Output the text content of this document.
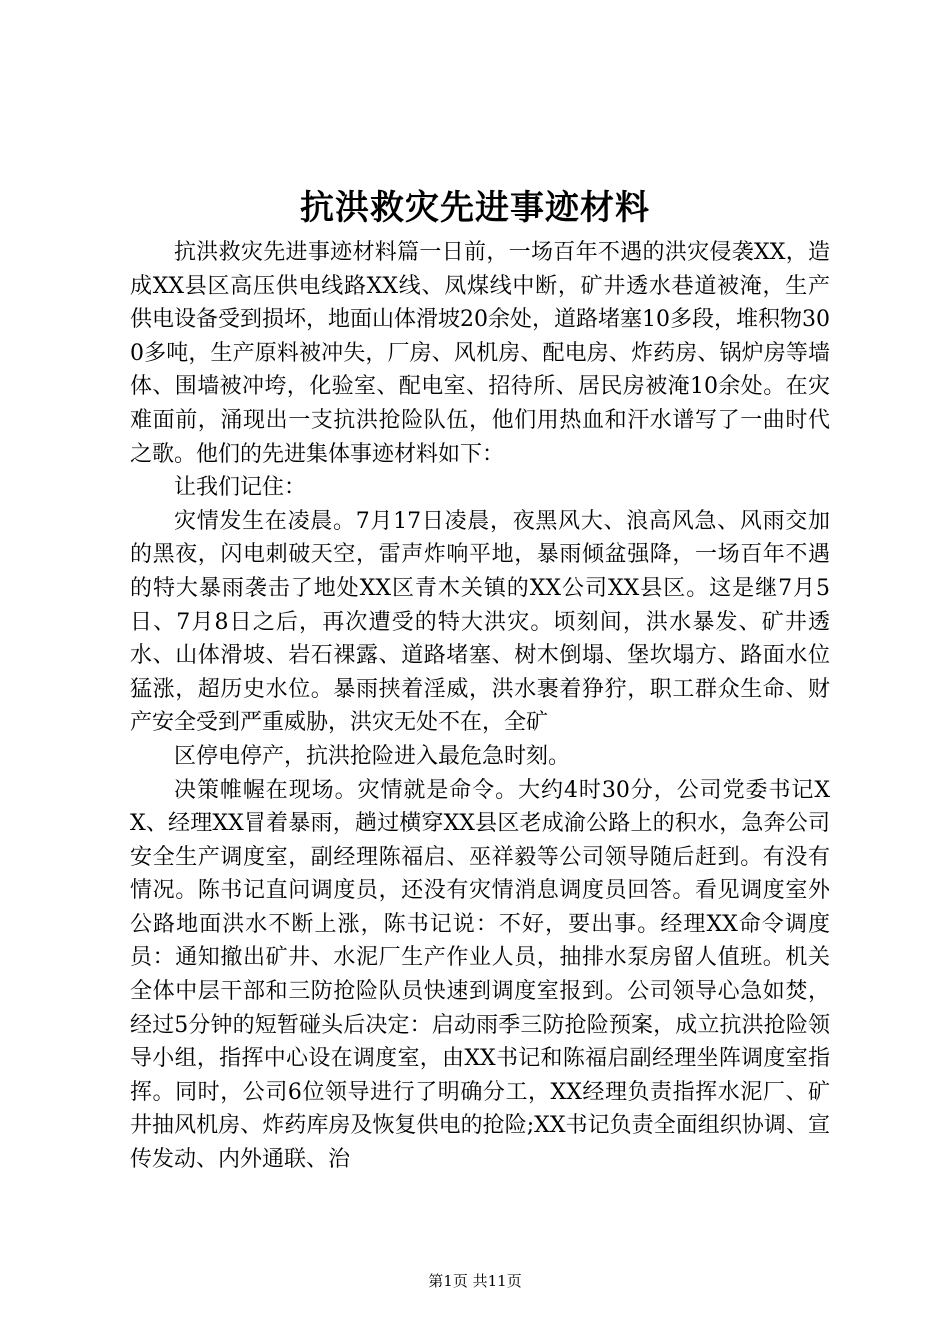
抗洪救灾先进事迹材料

抗洪救灾先进事迹材料篇一日前，一场百年不遇的洪灾侵袭XX，造成XX县区高压供电线路XX线、凤煤线中断，矿井透水巷道被淹，生产供电设备受到损坏，地面山体滑坡20余处，道路堵塞10多段，堆积物300多吨，生产原料被冲失，厂房、风机房、配电房、炸药房、锅炉房等墙体、围墙被冲垮，化验室、配电室、招待所、居民房被淹10余处。在灾难面前，涌现出一支抗洪抢险队伍，他们用热血和汗水谱写了一曲时代之歌。他们的先进集体事迹材料如下：

让我们记住：

灾情发生在凌晨。7月17日凌晨，夜黑风大、浪高风急、风雨交加的黑夜，闪电刺破天空，雷声炸响平地，暴雨倾盆强降，一场百年不遇的特大暴雨袭击了地处XX区青木关镇的XX公司XX县区。这是继7月5日、7月8日之后，再次遭受的特大洪灾。顷刻间，洪水暴发、矿井透水、山体滑坡、岩石裸露、道路堵塞、树木倒塌、堡坎塌方、路面水位猛涨，超历史水位。暴雨挟着淫威，洪水裹着狰狞，职工群众生命、财产安全受到严重威胁，洪灾无处不在，全矿

区停电停产，抗洪抢险进入最危急时刻。

决策帷幄在现场。灾情就是命令。大约4时30分，公司党委书记XX、经理XX冒着暴雨，趟过横穿XX县区老成渝公路上的积水，急奔公司安全生产调度室，副经理陈福启、巫祥毅等公司领导随后赶到。有没有情况。陈书记直问调度员，还没有灾情消息调度员回答。看见调度室外公路地面洪水不断上涨，陈书记说：不好，要出事。经理XX命令调度员：通知撤出矿井、水泥厂生产作业人员，抽排水泵房留人值班。机关全体中层干部和三防抢险队员快速到调度室报到。公司领导心急如焚，经过5分钟的短暂碰头后决定：启动雨季三防抢险预案，成立抗洪抢险领导小组，指挥中心设在调度室，由XX书记和陈福启副经理坐阵调度室指挥。同时，公司6位领导进行了明确分工，XX经理负责指挥水泥厂、矿井抽风机房、炸药库房及恢复供电的抢险;XX书记负责全面组织协调、宣传发动、内外通联、治

第1页 共11页
